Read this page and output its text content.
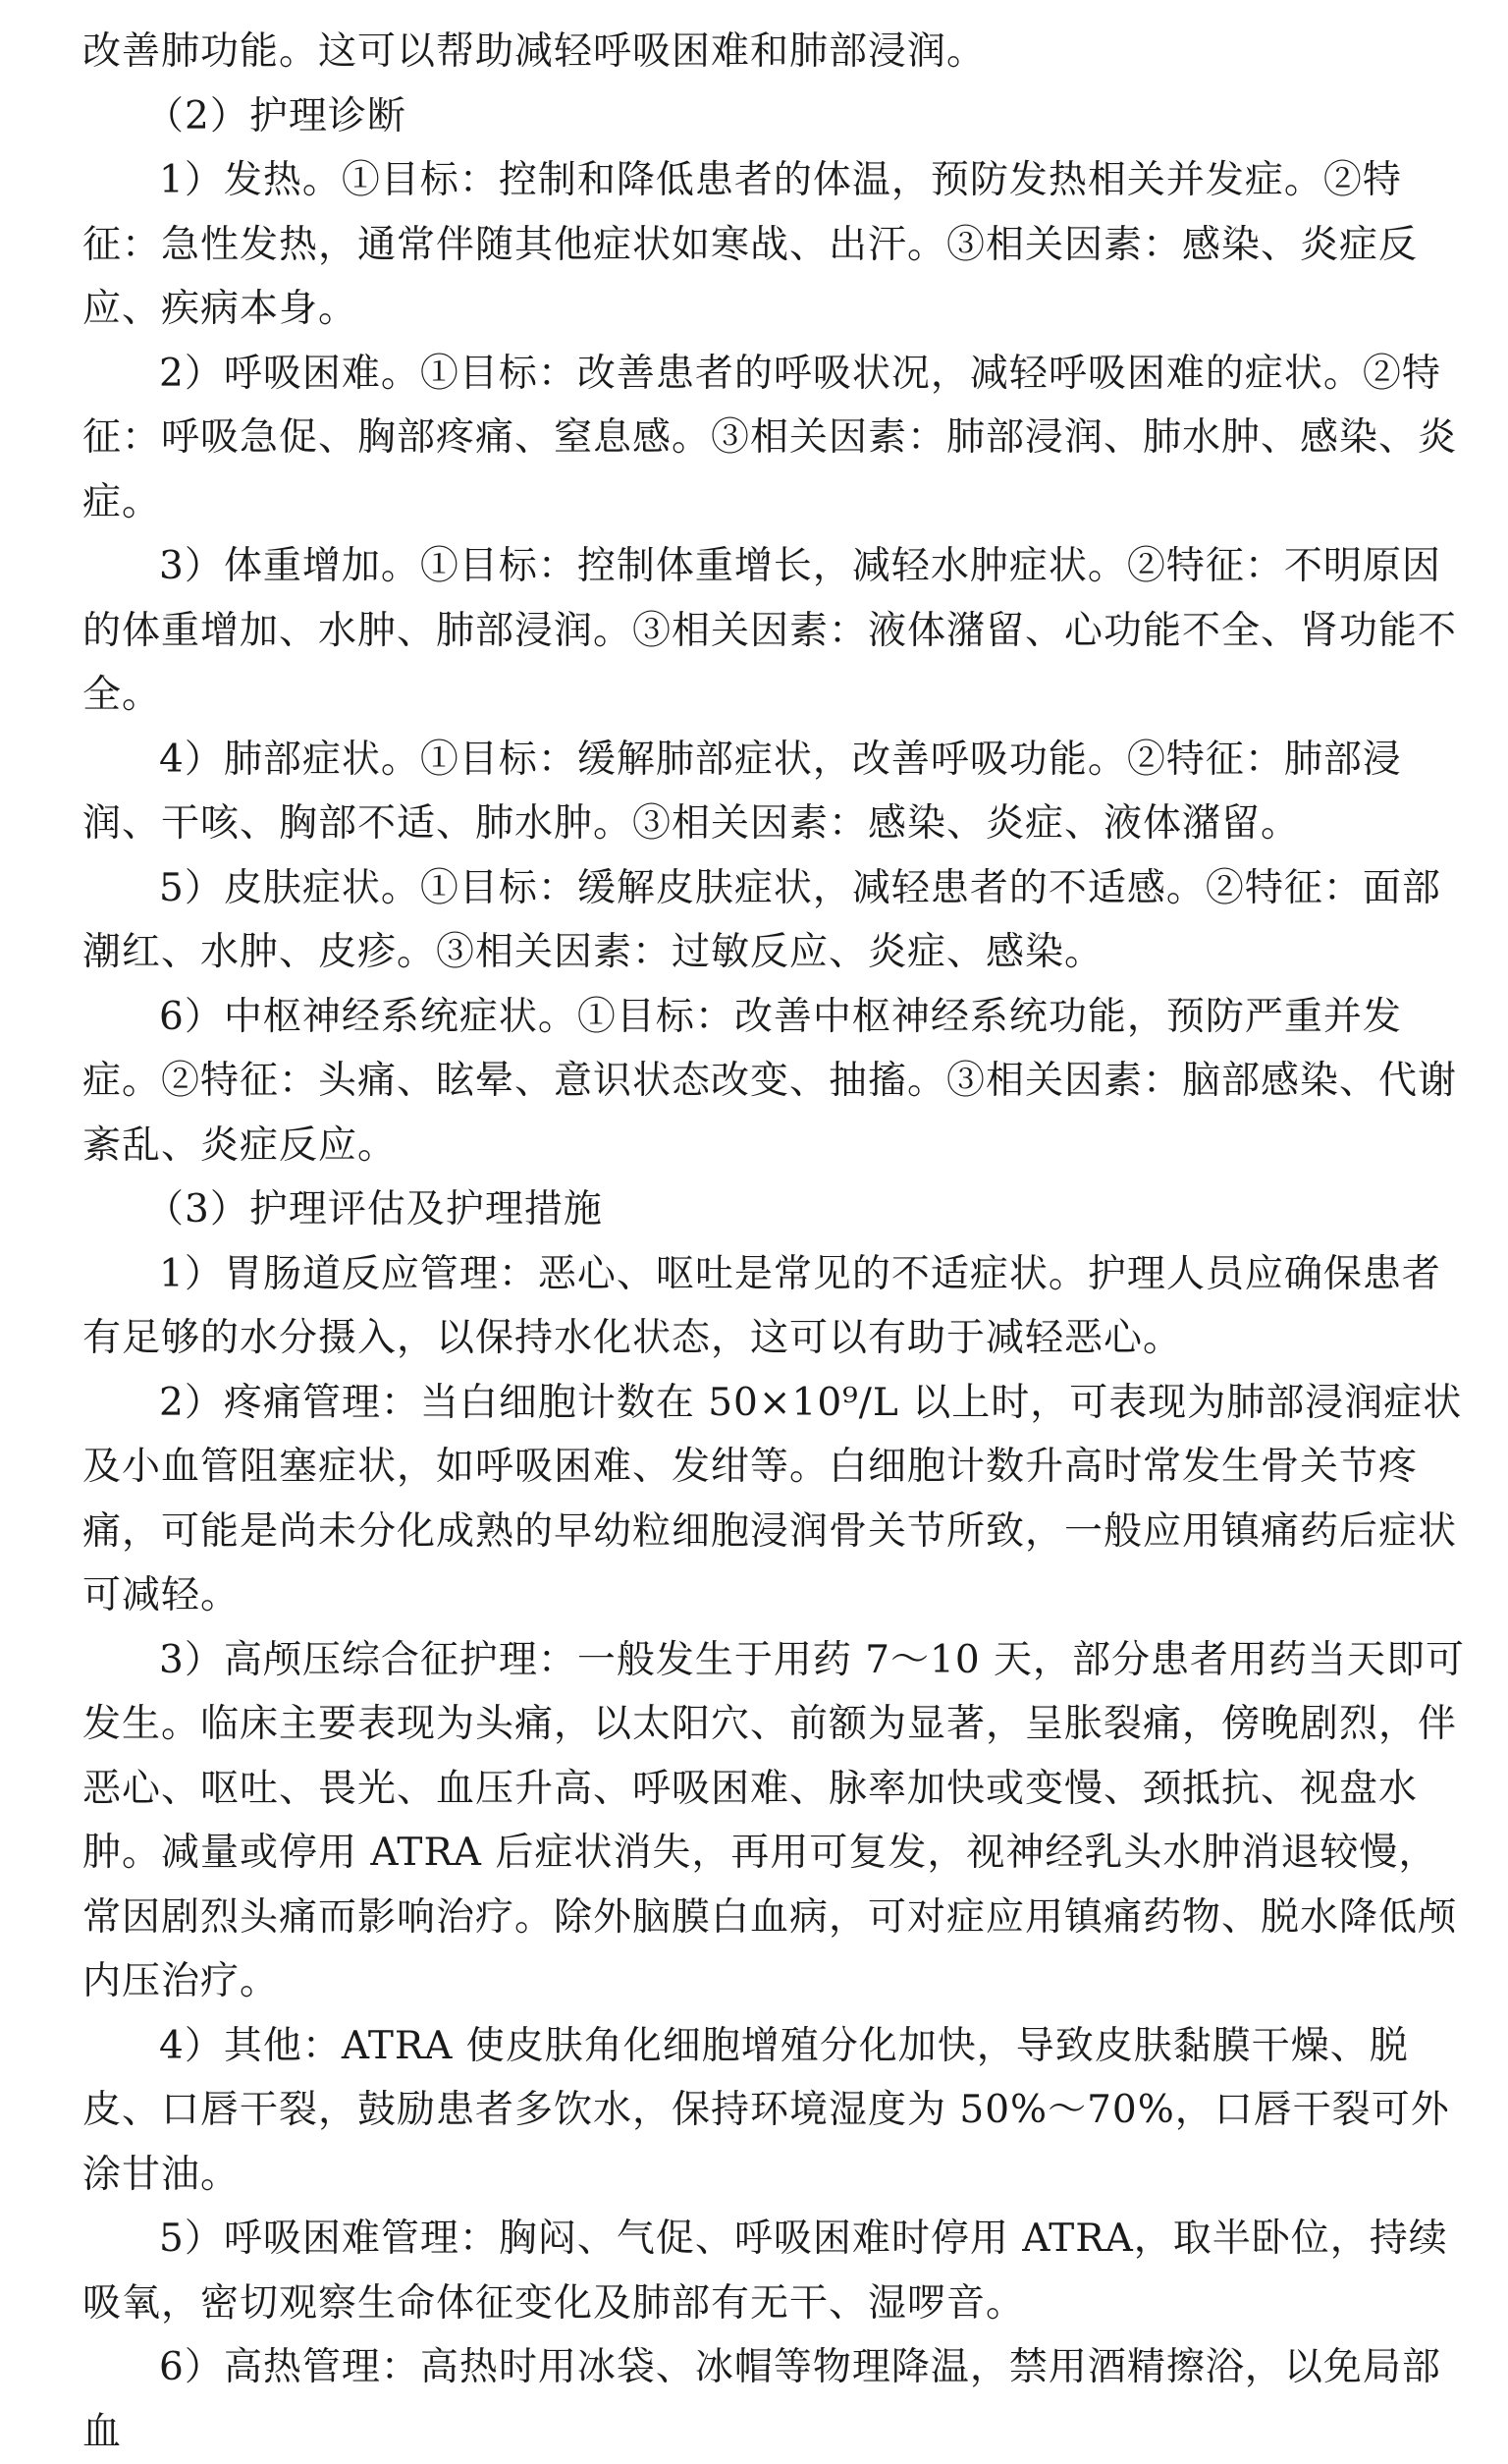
改善肺功能。这可以帮助减轻呼吸困难和肺部浸润。

（2）护理诊断

1）发热。①目标：控制和降低患者的体温，预防发热相关并发症。②特征：急性发热，通常伴随其他症状如寒战、出汗。③相关因素：感染、炎症反应、疾病本身。

2）呼吸困难。①目标：改善患者的呼吸状况，减轻呼吸困难的症状。②特征：呼吸急促、胸部疼痛、窒息感。③相关因素：肺部浸润、肺水肿、感染、炎症。

3）体重增加。①目标：控制体重增长，减轻水肿症状。②特征：不明原因的体重增加、水肿、肺部浸润。③相关因素：液体潴留、心功能不全、肾功能不全。

4）肺部症状。①目标：缓解肺部症状，改善呼吸功能。②特征：肺部浸润、干咳、胸部不适、肺水肿。③相关因素：感染、炎症、液体潴留。

5）皮肤症状。①目标：缓解皮肤症状，减轻患者的不适感。②特征：面部潮红、水肿、皮疹。③相关因素：过敏反应、炎症、感染。

6）中枢神经系统症状。①目标：改善中枢神经系统功能，预防严重并发症。②特征：头痛、眩晕、意识状态改变、抽搐。③相关因素：脑部感染、代谢紊乱、炎症反应。

（3）护理评估及护理措施

1）胃肠道反应管理：恶心、呕吐是常见的不适症状。护理人员应确保患者有足够的水分摄入，以保持水化状态，这可以有助于减轻恶心。

2）疼痛管理：当白细胞计数在 50×10⁹/L 以上时，可表现为肺部浸润症状及小血管阻塞症状，如呼吸困难、发绀等。白细胞计数升高时常发生骨关节疼痛，可能是尚未分化成熟的早幼粒细胞浸润骨关节所致，一般应用镇痛药后症状可减轻。

3）高颅压综合征护理：一般发生于用药 7～10 天，部分患者用药当天即可发生。临床主要表现为头痛，以太阳穴、前额为显著，呈胀裂痛，傍晚剧烈，伴恶心、呕吐、畏光、血压升高、呼吸困难、脉率加快或变慢、颈抵抗、视盘水肿。减量或停用 ATRA 后症状消失，再用可复发，视神经乳头水肿消退较慢，常因剧烈头痛而影响治疗。除外脑膜白血病，可对症应用镇痛药物、脱水降低颅内压治疗。

4）其他：ATRA 使皮肤角化细胞增殖分化加快，导致皮肤黏膜干燥、脱皮、口唇干裂，鼓励患者多饮水，保持环境湿度为 50%～70%，口唇干裂可外涂甘油。

5）呼吸困难管理：胸闷、气促、呼吸困难时停用 ATRA，取半卧位，持续吸氧，密切观察生命体征变化及肺部有无干、湿啰音。

6）高热管理：高热时用冰袋、冰帽等物理降温，禁用酒精擦浴，以免局部血
